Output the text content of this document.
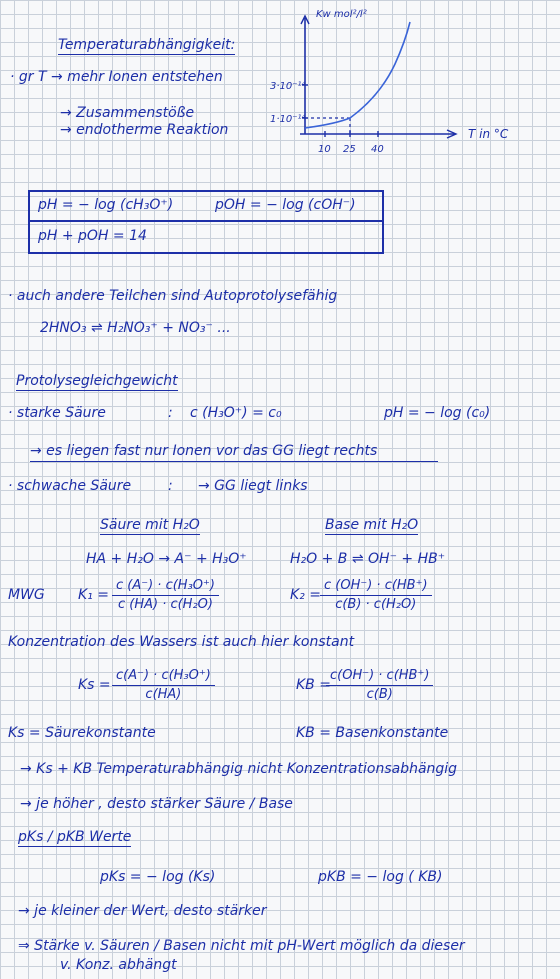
Kw mol²/l²
3·10⁻¹⁴
1·10⁻¹⁴
T in °C
10 25 40
Temperaturabhängigkeit:
· gr T → mehr Ionen entstehen
→ Zusammenstöße
→ endotherme Reaktion
pH = − log (cH₃O⁺)	pOH = − log (cOH⁻)
pH + pOH = 14
· auch andere Teilchen sind Autoprotolysefähig
2HNO₃ ⇌ H₂NO₃⁺ + NO₃⁻ ...
Protolysegleichgewicht
· starke Säure	: c (H₃O⁺) = c₀	pH = − log (c₀)
→ es liegen fast nur Ionen vor das GG liegt rechts
· schwache Säure	: → GG liegt links
Säure mit H₂O	Base mit H₂O
HA + H₂O → A⁻ + H₃O⁺	H₂O + B ⇌ OH⁻ + HB⁺
MWG $K_1 = \frac{\text{c (A⁻) · c(H₃O⁺)}}{\text{c (HA) · c(H₂O)}}$	$K_2 = \frac{c (OH^-) \cdot c(HB^+)}{\text{c(B) · c(H₂O)}}$
Konzentration des Wassers ist auch hier konstant
$Ks = \frac{\text{c(A⁻) · c(H₃O⁺)}}{c(HA)}$	KB =
$\frac{c(OH^-) \cdot c(HB^+)}{c(B)}$
Ks = Säurekonstante	KB = Basenkonstante
→ Ks + KB Temperaturabhängig nicht Konzentrationsabhängig
→ je höher , desto stärker Säure / Base
pKs / pKB Werte
pKs = − log (Ks)	pKB = − log ( KB)
→ je kleiner der Wert, desto stärker
⇒ Stärke v. Säuren / Basen nicht mit pH-Wert möglich da dieser
v. Konz. abhängt
